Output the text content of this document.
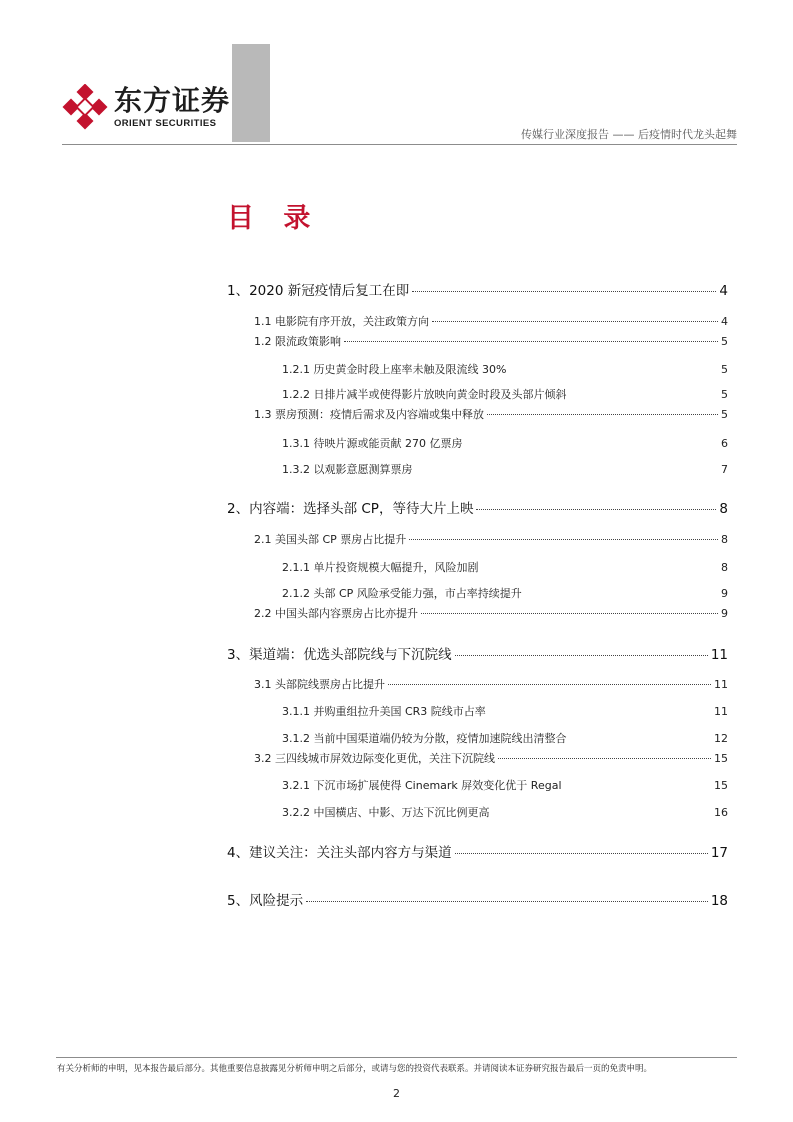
东方证券
ORIENT SECURITIES
传媒行业深度报告 —— 后疫情时代龙头起舞
目 录
1、2020 新冠疫情后复工在即	4
1.1 电影院有序开放，关注政策方向	4
1.2 限流政策影响	5
1.2.1 历史黄金时段上座率未触及限流线 30%	5
1.2.2 日排片减半或使得影片放映向黄金时段及头部片倾斜	5
1.3 票房预测：疫情后需求及内容端或集中释放	5
1.3.1 待映片源或能贡献 270 亿票房	6
1.3.2 以观影意愿测算票房	7
2、内容端：选择头部 CP，等待大片上映	8
2.1 美国头部 CP 票房占比提升	8
2.1.1 单片投资规模大幅提升，风险加剧	8
2.1.2 头部 CP 风险承受能力强，市占率持续提升	9
2.2 中国头部内容票房占比亦提升	9
3、渠道端：优选头部院线与下沉院线	11
3.1 头部院线票房占比提升	11
3.1.1 并购重组拉升美国 CR3 院线市占率	11
3.1.2 当前中国渠道端仍较为分散，疫情加速院线出清整合	12
3.2 三四线城市屏效边际变化更优，关注下沉院线	15
3.2.1 下沉市场扩展使得 Cinemark 屏效变化优于 Regal	15
3.2.2 中国横店、中影、万达下沉比例更高	16
4、建议关注：关注头部内容方与渠道	17
5、风险提示	18
有关分析师的申明，见本报告最后部分。其他重要信息披露见分析师申明之后部分，或请与您的投资代表联系。并请阅读本证券研究报告最后一页的免责申明。
2
